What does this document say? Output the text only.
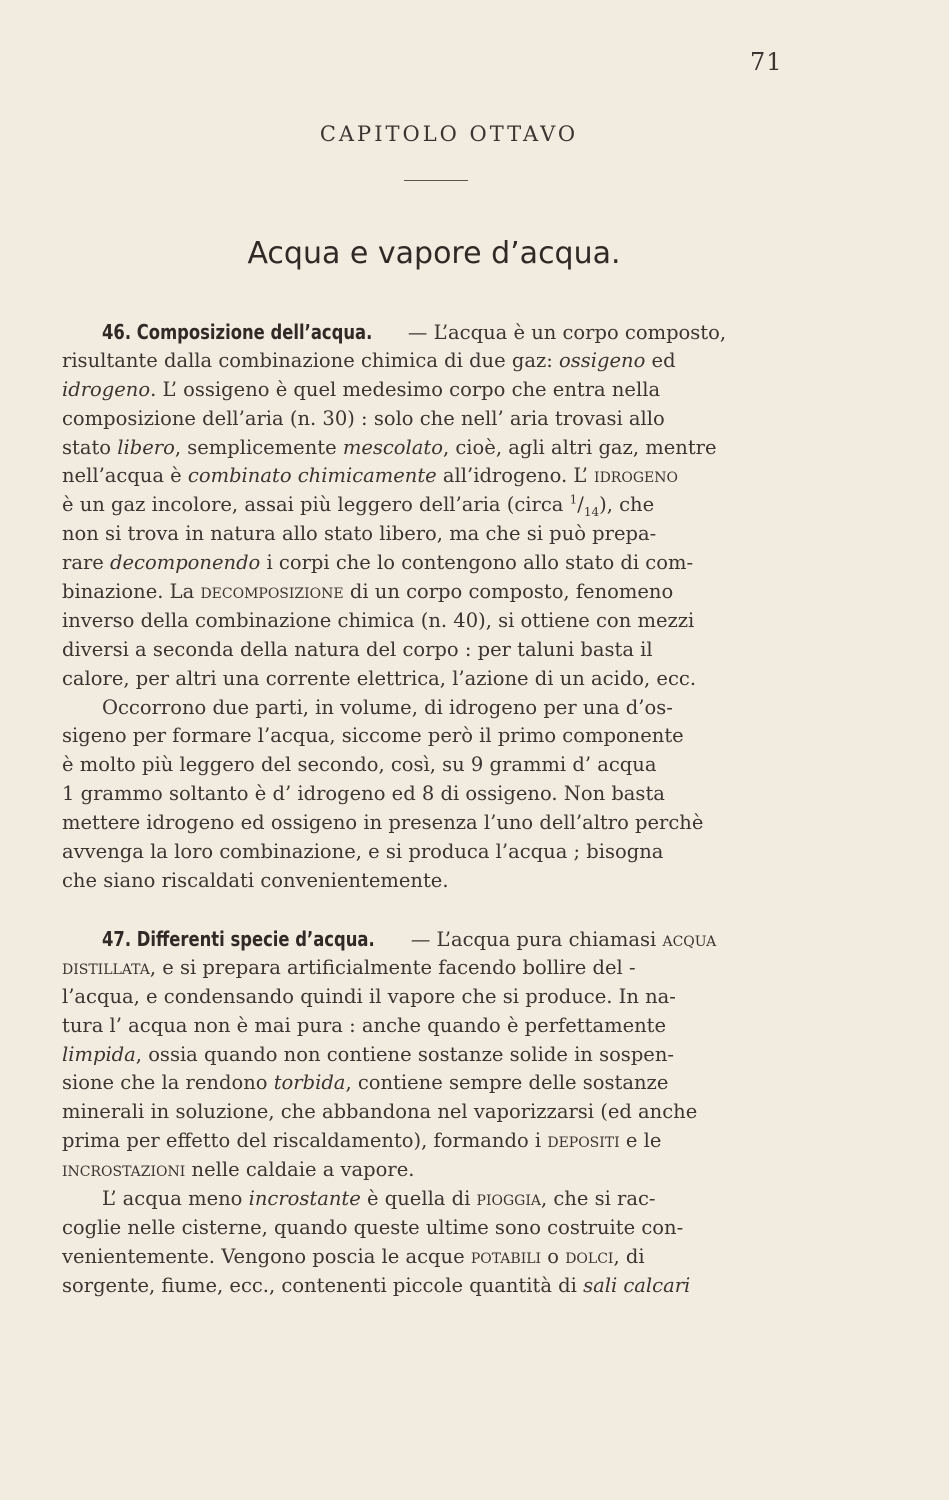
71
CAPITOLO OTTAVO
Acqua e vapore d’acqua.
46. Composizione dell’acqua. — L’acqua è un corpo composto,
risultante dalla combinazione chimica di due gaz: ossigeno ed
idrogeno. L’ ossigeno è quel medesimo corpo che entra nella
composizione dell’aria (n. 30) : solo che nell’ aria trovasi allo
stato libero, semplicemente mescolato, cioè, agli altri gaz, mentre
nell’acqua è combinato chimicamente all’idrogeno. L’ idrogeno
è un gaz incolore, assai più leggero dell’aria (circa $^1/_{14}$), che
non si trova in natura allo stato libero, ma che si può prepa-
rare decomponendo i corpi che lo contengono allo stato di com-
binazione. La decomposizione di un corpo composto, fenomeno
inverso della combinazione chimica (n. 40), si ottiene con mezzi
diversi a seconda della natura del corpo : per taluni basta il
calore, per altri una corrente elettrica, l’azione di un acido, ecc.
Occorrono due parti, in volume, di idrogeno per una d’os-
sigeno per formare l’acqua, siccome però il primo componente
è molto più leggero del secondo, così, su 9 grammi d’ acqua
1 grammo soltanto è d’ idrogeno ed 8 di ossigeno. Non basta
mettere idrogeno ed ossigeno in presenza l’uno dell’altro perchè
avvenga la loro combinazione, e si produca l’acqua ; bisogna
che siano riscaldati convenientemente.
47. Differenti specie d’acqua. — L’acqua pura chiamasi acqua
distillata, e si prepara artificialmente facendo bollire del -
l’acqua, e condensando quindi il vapore che si produce. In na-
tura l’ acqua non è mai pura : anche quando è perfettamente
limpida, ossia quando non contiene sostanze solide in sospen-
sione che la rendono torbida, contiene sempre delle sostanze
minerali in soluzione, che abbandona nel vaporizzarsi (ed anche
prima per effetto del riscaldamento), formando i depositi e le
incrostazioni nelle caldaie a vapore.
L’ acqua meno incrostante è quella di pioggia, che si rac-
coglie nelle cisterne, quando queste ultime sono costruite con-
venientemente. Vengono poscia le acque potabili o dolci, di
sorgente, fiume, ecc., contenenti piccole quantità di sali calcari
